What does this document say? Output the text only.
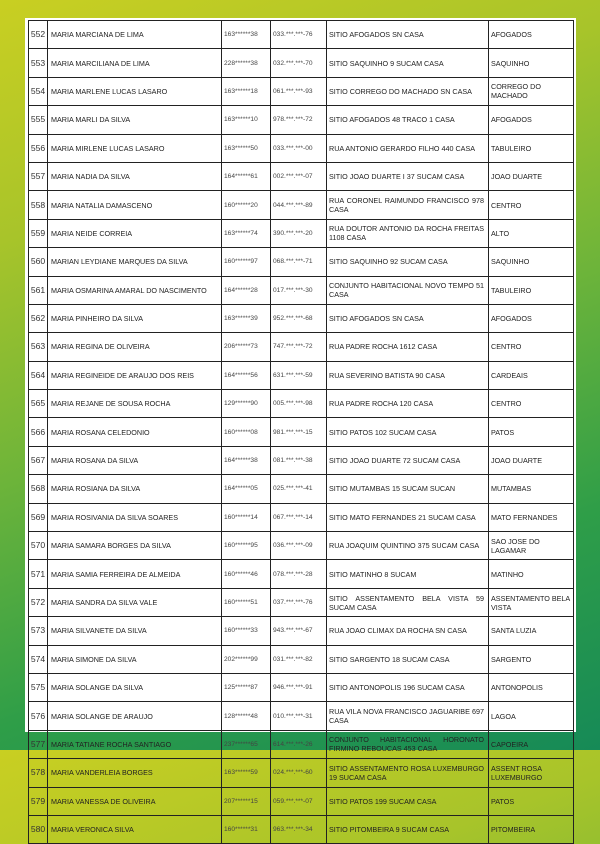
552	MARIA MARCIANA DE LIMA	163******38	033.***.***-76	SITIO AFOGADOS SN CASA	AFOGADOS
553	MARIA MARCILIANA DE LIMA	228******38	032.***.***-70	SITIO SAQUINHO 9 SUCAM CASA	SAQUINHO
554	MARIA MARLENE LUCAS LASARO	163******18	061.***.***-93	SITIO CORREGO DO MACHADO SN CASA	CORREGO DO MACHADO
555	MARIA MARLI DA SILVA	163******10	978.***.***-72	SITIO AFOGADOS 48 TRACO 1 CASA	AFOGADOS
556	MARIA MIRLENE LUCAS LASARO	163******50	033.***.***-00	RUA ANTONIO GERARDO FILHO 440 CASA	TABULEIRO
557	MARIA NADIA DA SILVA	164******61	002.***.***-07	SITIO JOAO DUARTE I 37 SUCAM CASA	JOAO DUARTE
558	MARIA NATALIA DAMASCENO	160******20	044.***.***-89	RUA CORONEL RAIMUNDO FRANCISCO 978 CASA	CENTRO
559	MARIA NEIDE CORREIA	163******74	390.***.***-20	RUA DOUTOR ANTONIO DA ROCHA FREITAS 1108 CASA	ALTO
560	MARIAN LEYDIANE MARQUES DA SILVA	160******97	068.***.***-71	SITIO SAQUINHO 92 SUCAM CASA	SAQUINHO
561	MARIA OSMARINA AMARAL DO NASCIMENTO	164******28	017.***.***-30	CONJUNTO HABITACIONAL NOVO TEMPO 51 CASA	TABULEIRO
562	MARIA PINHEIRO DA SILVA	163******39	952.***.***-68	SITIO AFOGADOS SN CASA	AFOGADOS
563	MARIA REGINA DE OLIVEIRA	206******73	747.***.***-72	RUA PADRE ROCHA 1612 CASA	CENTRO
564	MARIA REGINEIDE DE ARAUJO DOS REIS	164******56	631.***.***-59	RUA SEVERINO BATISTA 90 CASA	CARDEAIS
565	MARIA REJANE DE SOUSA ROCHA	129******90	005.***.***-98	RUA PADRE ROCHA 120 CASA	CENTRO
566	MARIA ROSANA CELEDONIO	160******08	981.***.***-15	SITIO PATOS 102 SUCAM CASA	PATOS
567	MARIA ROSANA DA SILVA	164******38	081.***.***-38	SITIO JOAO DUARTE 72 SUCAM CASA	JOAO DUARTE
568	MARIA ROSIANA DA SILVA	164******05	025.***.***-41	SITIO MUTAMBAS 15 SUCAM SUCAN	MUTAMBAS
569	MARIA ROSIVANIA DA SILVA SOARES	160******14	067.***.***-14	SITIO MATO FERNANDES 21 SUCAM CASA	MATO FERNANDES
570	MARIA SAMARA BORGES DA SILVA	160******95	036.***.***-09	RUA JOAQUIM QUINTINO 375 SUCAM CASA	SAO JOSE DO LAGAMAR
571	MARIA SAMIA FERREIRA DE ALMEIDA	160******46	078.***.***-28	SITIO MATINHO 8 SUCAM	MATINHO
572	MARIA SANDRA DA SILVA VALE	160******51	037.***.***-76	SITIO ASSENTAMENTO BELA VISTA 59 SUCAM CASA	ASSENTAMENTO BELA VISTA
573	MARIA SILVANETE DA SILVA	160******33	943.***.***-67	RUA JOAO CLIMAX DA ROCHA SN CASA	SANTA LUZIA
574	MARIA SIMONE DA SILVA	202******99	031.***.***-82	SITIO SARGENTO 18 SUCAM CASA	SARGENTO
575	MARIA SOLANGE DA SILVA	125******87	946.***.***-91	SITIO ANTONOPOLIS 196 SUCAM CASA	ANTONOPOLIS
576	MARIA SOLANGE DE ARAUJO	128******48	010.***.***-31	RUA VILA NOVA FRANCISCO JAGUARIBE 697 CASA	LAGOA
577	MARIA TATIANE ROCHA SANTIAGO	237******65	614.***.***-26	CONJUNTO HABITACIONAL HORONATO FIRMINO REBOUCAS 453 CASA	CAPOEIRA
578	MARIA VANDERLEIA BORGES	163******59	024.***.***-60	SITIO ASSENTAMENTO ROSA LUXEMBURGO 19 SUCAM CASA	ASSENT ROSA LUXEMBURGO
579	MARIA VANESSA DE OLIVEIRA	207******15	059.***.***-07	SITIO PATOS 199 SUCAM CASA	PATOS
580	MARIA VERONICA SILVA	160******31	963.***.***-34	SITIO PITOMBEIRA 9 SUCAM CASA	PITOMBEIRA
